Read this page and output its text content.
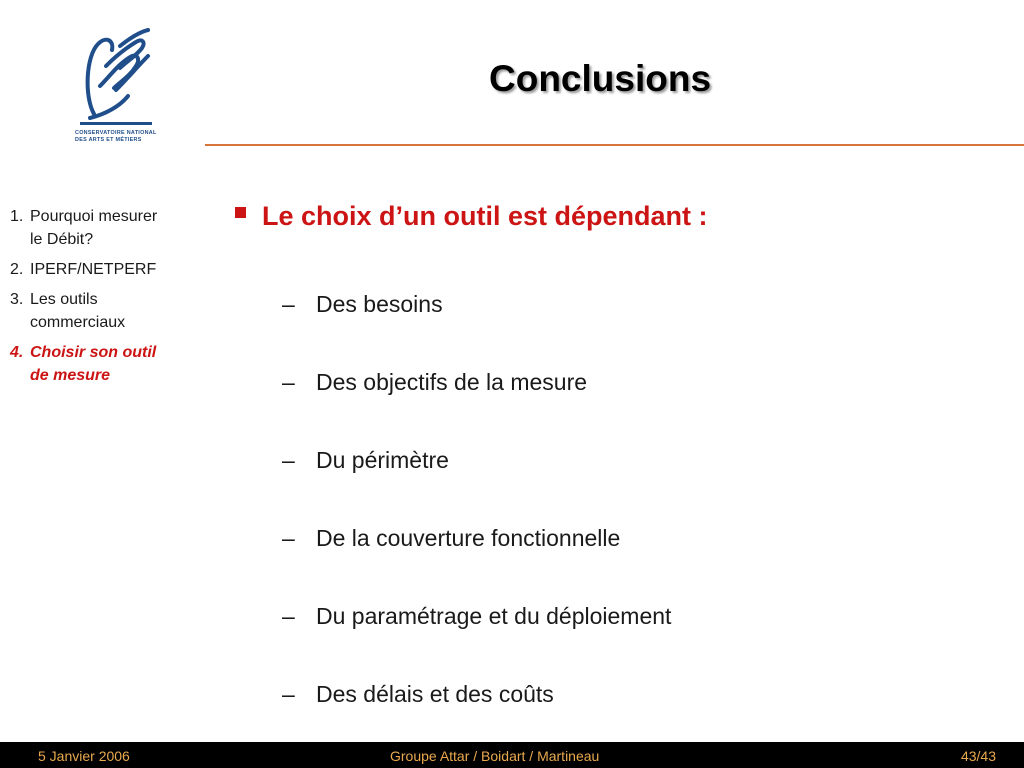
CONSERVATOIRE NATIONAL
DES ARTS ET MÉTIERS
Conclusions
1. Pourquoi mesurer
le Débit?
2. IPERF/NETPERF
3. Les outils
commerciaux
4. Choisir son outil
de mesure
Le choix d’un outil est dépendant :
– Des besoins
– Des objectifs de la mesure
– Du périmètre
– De la couverture fonctionnelle
– Du paramétrage et du déploiement
– Des délais et des coûts
5 Janvier 2006	Groupe Attar / Boidart / Martineau	43/43
